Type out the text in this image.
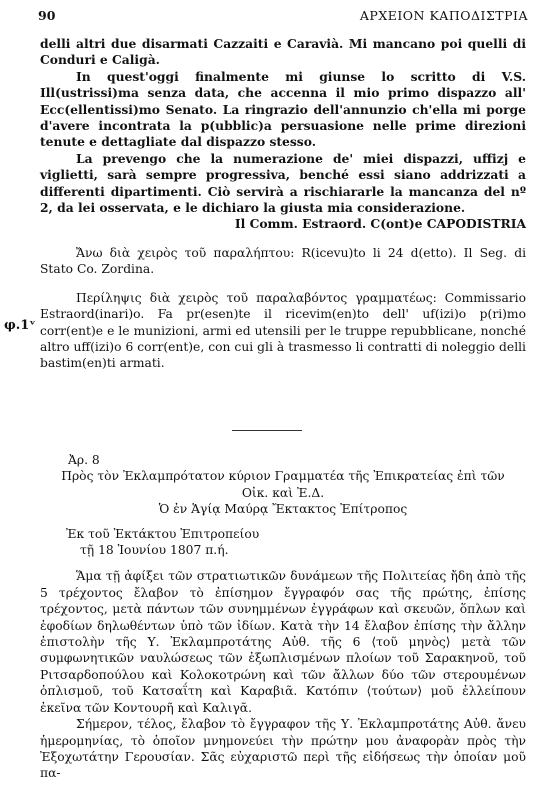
90	ΑΡΧΕΙΟΝ ΚΑΠΟΔΙΣΤΡΙΑ
φ.1ᵛ

delli altri due disarmati Cazzaiti e Caravià. Mi mancano poi quelli di Conduri e Caligà.

In quest'oggi finalmente mi giunse lo scritto di V.S. Ill(ustrissi)ma senza data, che accenna il mio primo dispazzo all' Ecc(ellentissi)mo Senato. La ringrazio dell'annunzio ch'ella mi porge d'avere incontrata la p(ubblic)a persuasione nelle prime direzioni tenute e dettagliate dal dispazzo stesso.

La prevengo che la numerazione de' miei dispazzi, uffizj e viglietti, sarà sempre progressiva, benché essi siano addrizzati a differenti dipartimenti. Ciò servirà a rischiararle la mancanza del nº 2, da lei osservata, e le dichiaro la giusta mia considerazione.

Il Comm. Estraord. C(ont)e CAPODISTRIA

Ἄνω διὰ χειρὸς τοῦ παραλήπτου: R(icevu)to li 24 d(etto). Il Seg. di Stato Co. Zordina.

Περίληψις διὰ χειρὸς τοῦ παραλαβόντος γραμματέως: Commissario Estraord(inari)o. Fa pr(esen)te il ricevim(en)to dell' uf(izi)o p(ri)mo corr(ent)e e le munizioni, armi ed utensili per le truppe repubblicane, nonché altro uff(izi)o 6 corr(ent)e, con cui gli à trasmesso li contratti di noleggio delli bastim(en)ti armati.

Ἀρ. 8

Πρὸς τὸν Ἐκλαμπρότατον κύριον Γραμματέα τῆς Ἐπικρατείας ἐπὶ τῶν

Οἰκ. καὶ Ἐ.Δ.

Ὁ ἐν Ἁγίᾳ Μαύρᾳ Ἔκτακτος Ἐπίτροπος

Ἐκ τοῦ Ἐκτάκτου Ἐπιτροπείου

τῇ 18 Ἰουνίου 1807 π.ή.

Ἅμα τῇ ἀφίξει τῶν στρατιωτικῶν δυνάμεων τῆς Πολιτείας ἤδη ἀπὸ τῆς 5 τρέχοντος ἔλαβον τὸ ἐπίσημον ἔγγραφόν σας τῆς πρώτης, ἐπίσης τρέχοντος, μετὰ πάντων τῶν συνημμένων ἐγγράφων καὶ σκευῶν, ὅπλων καὶ ἐφοδίων δηλωθέντων ὑπὸ τῶν ἰδίων. Κατὰ τὴν 14 ἔλαβον ἐπίσης τὴν ἄλλην ἐπιστολὴν τῆς Υ. Ἐκλαμπροτάτης Αὐθ. τῆς 6 ⟨τοῦ μηνὸς⟩ μετὰ τῶν συμφωνητικῶν ναυλώσεως τῶν ἐξωπλισμένων πλοίων τοῦ Σαρακηνοῦ, τοῦ Ριτσαρδοπούλου καὶ Κολοκοτρώνη καὶ τῶν ἄλλων δύο τῶν στερουμένων ὁπλισμοῦ, τοῦ Κατσαΐτη καὶ Καραβιᾶ. Κατόπιν ⟨τούτων⟩ μοῦ ἐλλείπουν ἐκεῖνα τῶν Κοντουρῆ καὶ Καλιγᾶ.

Σήμερον, τέλος, ἔλαβον τὸ ἔγγραφον τῆς Υ. Ἐκλαμπροτάτης Αὐθ. ἄνευ ἡμερομηνίας, τὸ ὁποῖον μνημονεύει τὴν πρώτην μου ἀναφορὰν πρὸς τὴν Ἐξοχωτάτην Γερουσίαν. Σᾶς εὐχαριστῶ περὶ τῆς εἰδήσεως τὴν ὁποίαν μοῦ πα-
